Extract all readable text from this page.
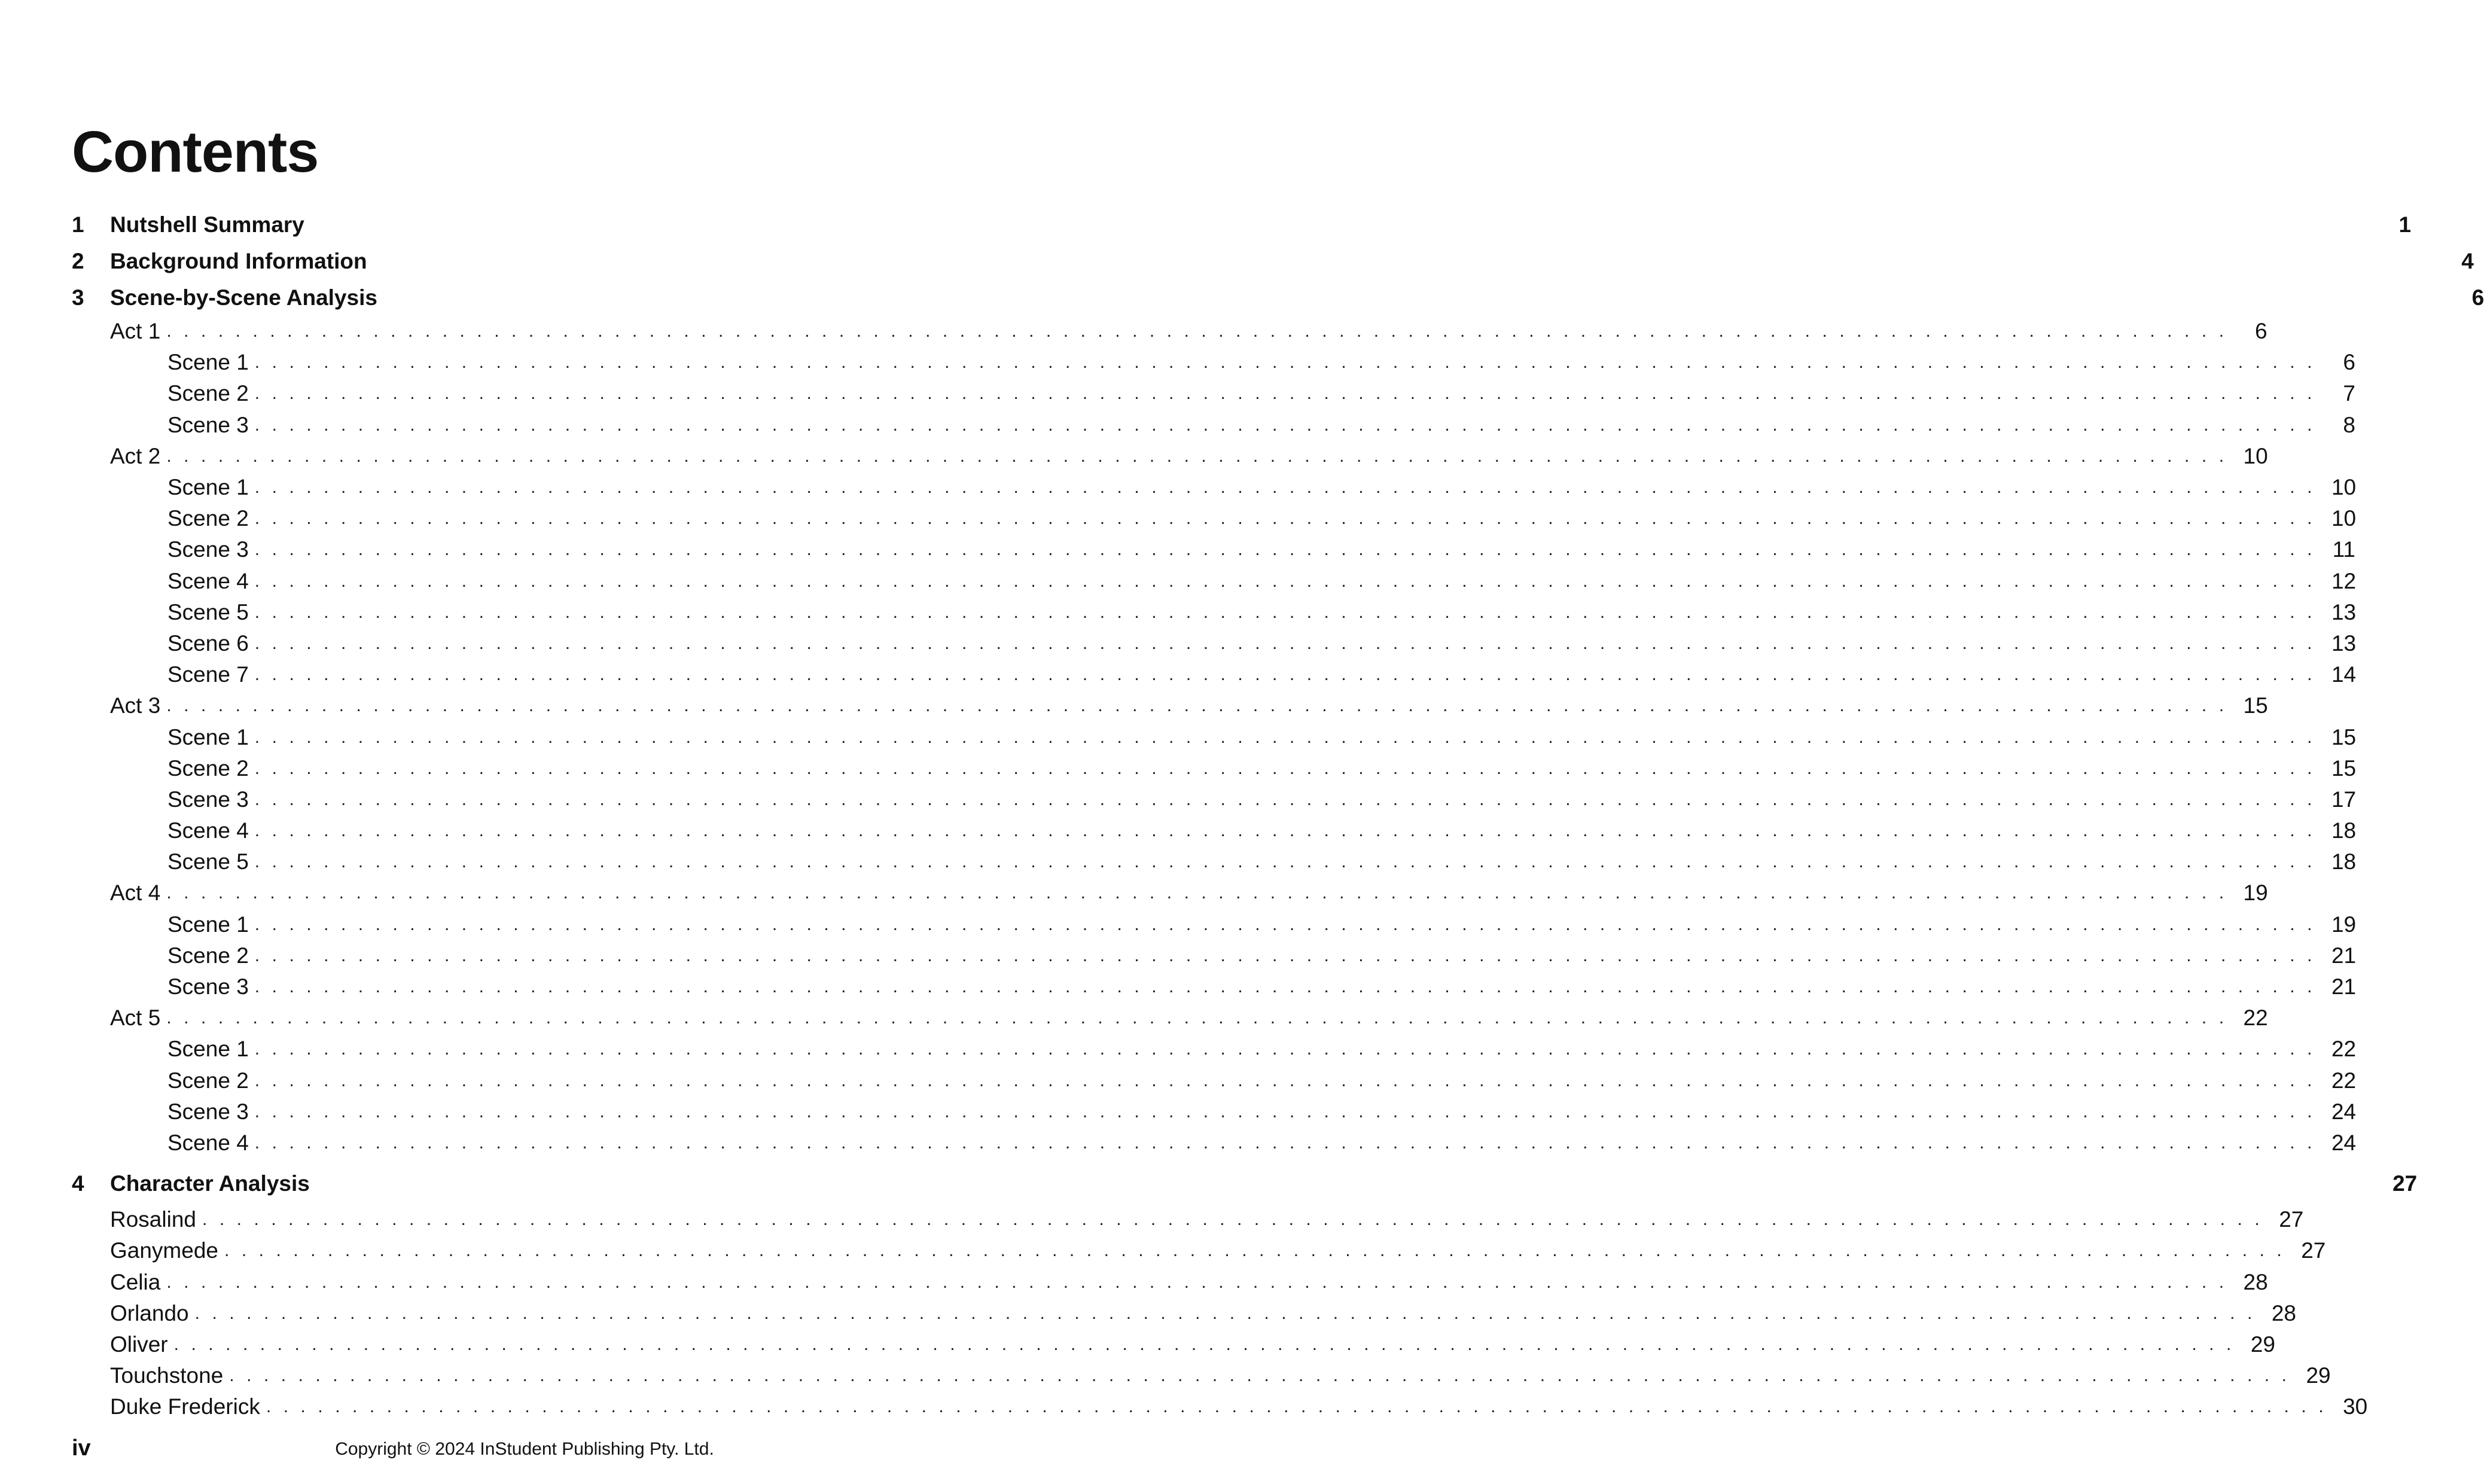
Contents
1	Nutshell Summary	1
2	Background Information	4
3	Scene-by-Scene Analysis	6
Act 1 ........................................................................................................................ 6
Scene 1 ........................................................................................................................ 6
Scene 2 ........................................................................................................................ 7
Scene 3 ........................................................................................................................ 8
Act 2 ........................................................................................................................ 10
Scene 1 ........................................................................................................................ 10
Scene 2 ........................................................................................................................ 10
Scene 3 ........................................................................................................................ 11
Scene 4 ........................................................................................................................ 12
Scene 5 ........................................................................................................................ 13
Scene 6 ........................................................................................................................ 13
Scene 7 ........................................................................................................................ 14
Act 3 ........................................................................................................................ 15
Scene 1 ........................................................................................................................ 15
Scene 2 ........................................................................................................................ 15
Scene 3 ........................................................................................................................ 17
Scene 4 ........................................................................................................................ 18
Scene 5 ........................................................................................................................ 18
Act 4 ........................................................................................................................ 19
Scene 1 ........................................................................................................................ 19
Scene 2 ........................................................................................................................ 21
Scene 3 ........................................................................................................................ 21
Act 5 ........................................................................................................................ 22
Scene 1 ........................................................................................................................ 22
Scene 2 ........................................................................................................................ 22
Scene 3 ........................................................................................................................ 24
Scene 4 ........................................................................................................................ 24
4	Character Analysis	27
Rosalind ........................................................................................................................ 27
Ganymede ........................................................................................................................ 27
Celia ........................................................................................................................ 28
Orlando ........................................................................................................................ 28
Oliver ........................................................................................................................ 29
Touchstone ........................................................................................................................ 29
Duke Frederick ........................................................................................................................ 30
iv	Copyright © 2024 InStudent Publishing Pty. Ltd.
